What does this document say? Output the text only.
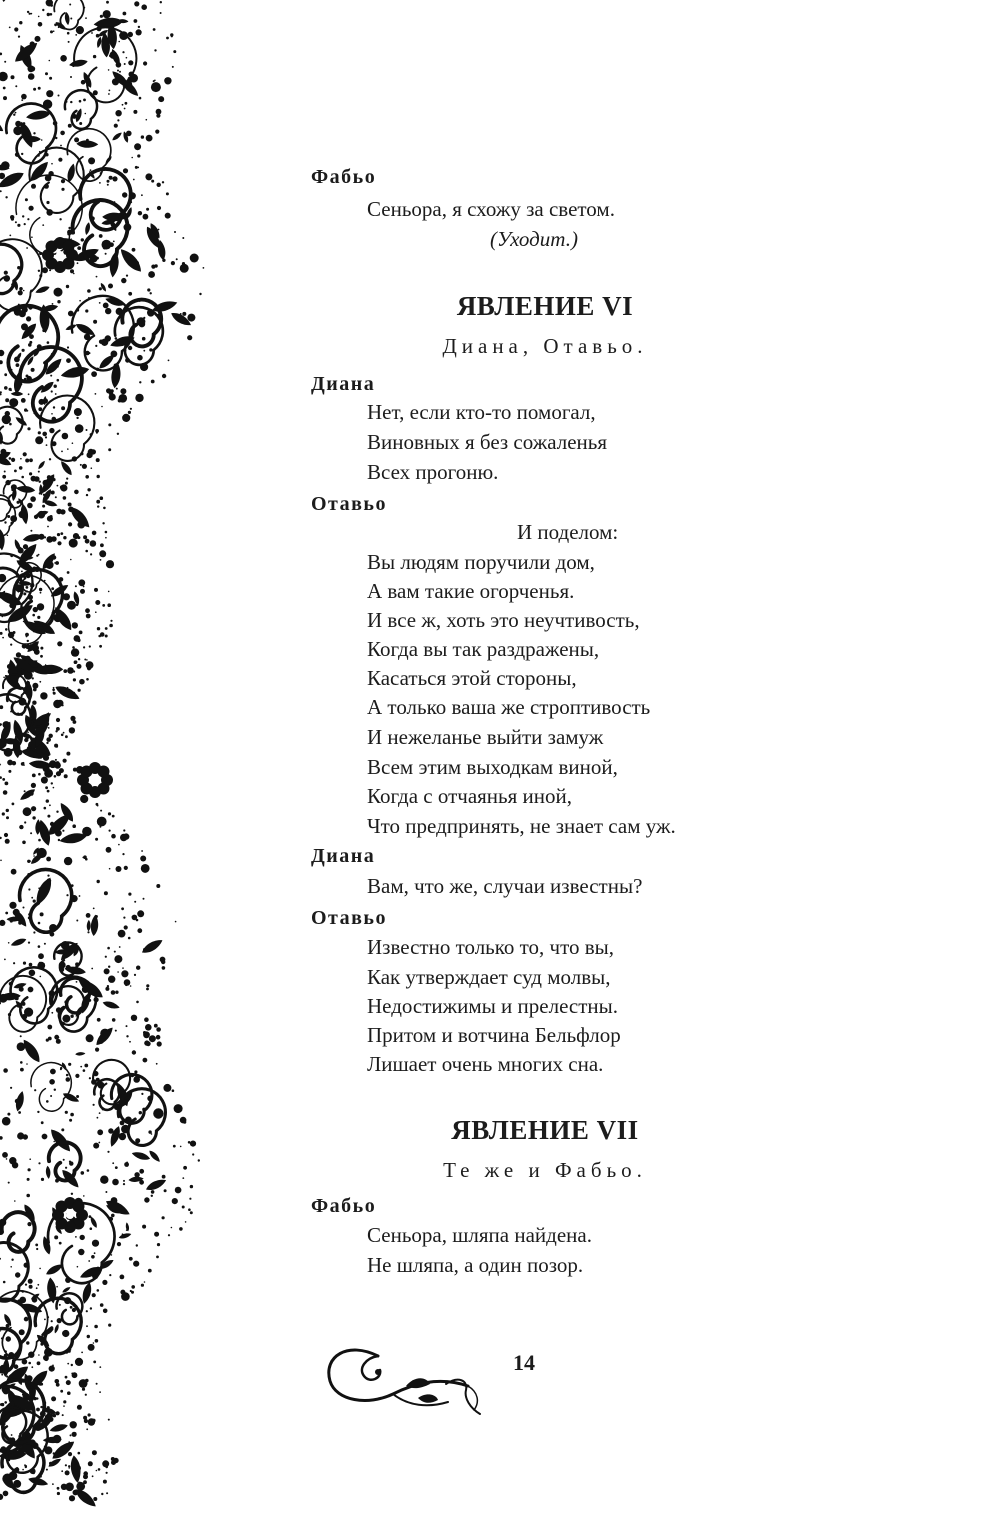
Фабьо
Сеньора, я схожу за светом.
(Уходит.)
ЯВЛЕНИЕ VI
Диана, Отавьо.
Диана
Нет, если кто-то помогал,
Виновных я без сожаленья
Всех прогоню.
Отавьо
И поделом:
Вы людям поручили дом,
А вам такие огорченья.
И все ж, хоть это неучтивость,
Когда вы так раздражены,
Касаться этой стороны,
А только ваша же строптивость
И нежеланье выйти замуж
Всем этим выходкам виной,
Когда с отчаянья иной,
Что предпринять, не знает сам уж.
Диана
Вам, что же, случаи известны?
Отавьо
Известно только то, что вы,
Как утверждает суд молвы,
Недостижимы и прелестны.
Притом и вотчина Бельфлор
Лишает очень многих сна.
ЯВЛЕНИЕ VII
Те же и Фабьо.
Фабьо
Сеньора, шляпа найдена.
Не шляпа, а один позор.
14
